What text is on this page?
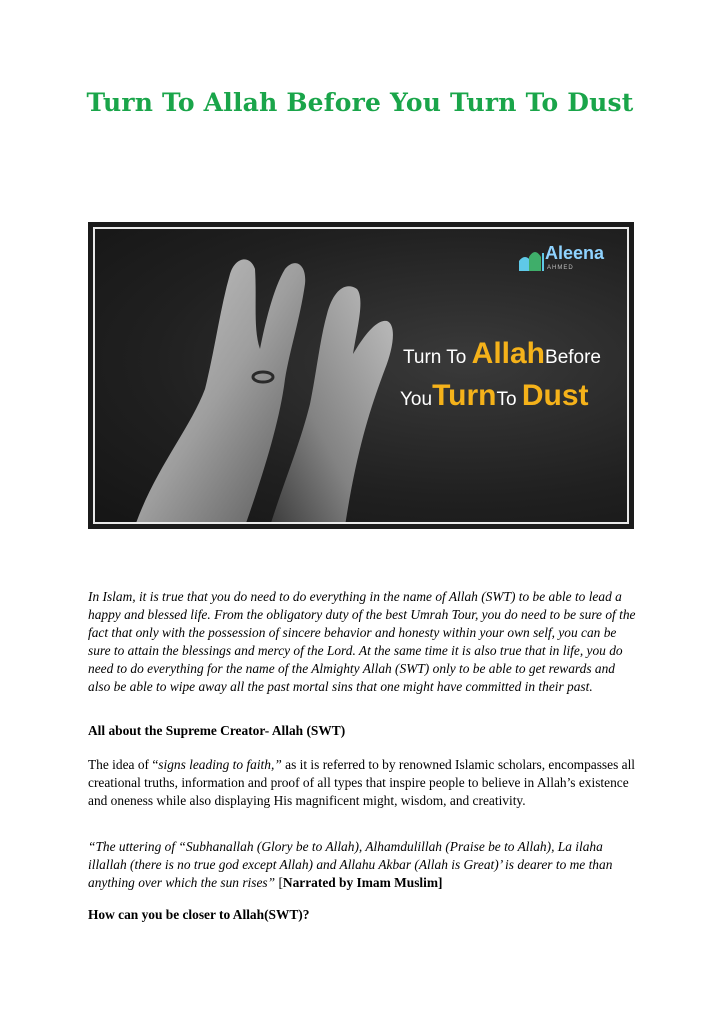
Turn To Allah Before You Turn To Dust
Aleena
AHMED
Turn To AllahBefore
YouTurnTo Dust
In Islam, it is true that you do need to do everything in the name of Allah (SWT) to be able to lead a happy and blessed life. From the obligatory duty of the best Umrah Tour, you do need to be sure of the fact that only with the possession of sincere behavior and honesty within your own self, you can be sure to attain the blessings and mercy of the Lord. At the same time it is also true that in life, you do need to do everything for the name of the Almighty Allah (SWT) only to be able to get rewards and also be able to wipe away all the past mortal sins that one might have committed in their past.
All about the Supreme Creator- Allah (SWT)
The idea of “signs leading to faith,” as it is referred to by renowned Islamic scholars, encompasses all creational truths, information and proof of all types that inspire people to believe in Allah’s existence and oneness while also displaying His magnificent might, wisdom, and creativity.
“The uttering of “Subhanallah (Glory be to Allah), Alhamdulillah (Praise be to Allah), La ilaha illallah (there is no true god except Allah) and Allahu Akbar (Allah is Great)’ is dearer to me than anything over which the sun rises” [Narrated by Imam Muslim]
How can you be closer to Allah(SWT)?
